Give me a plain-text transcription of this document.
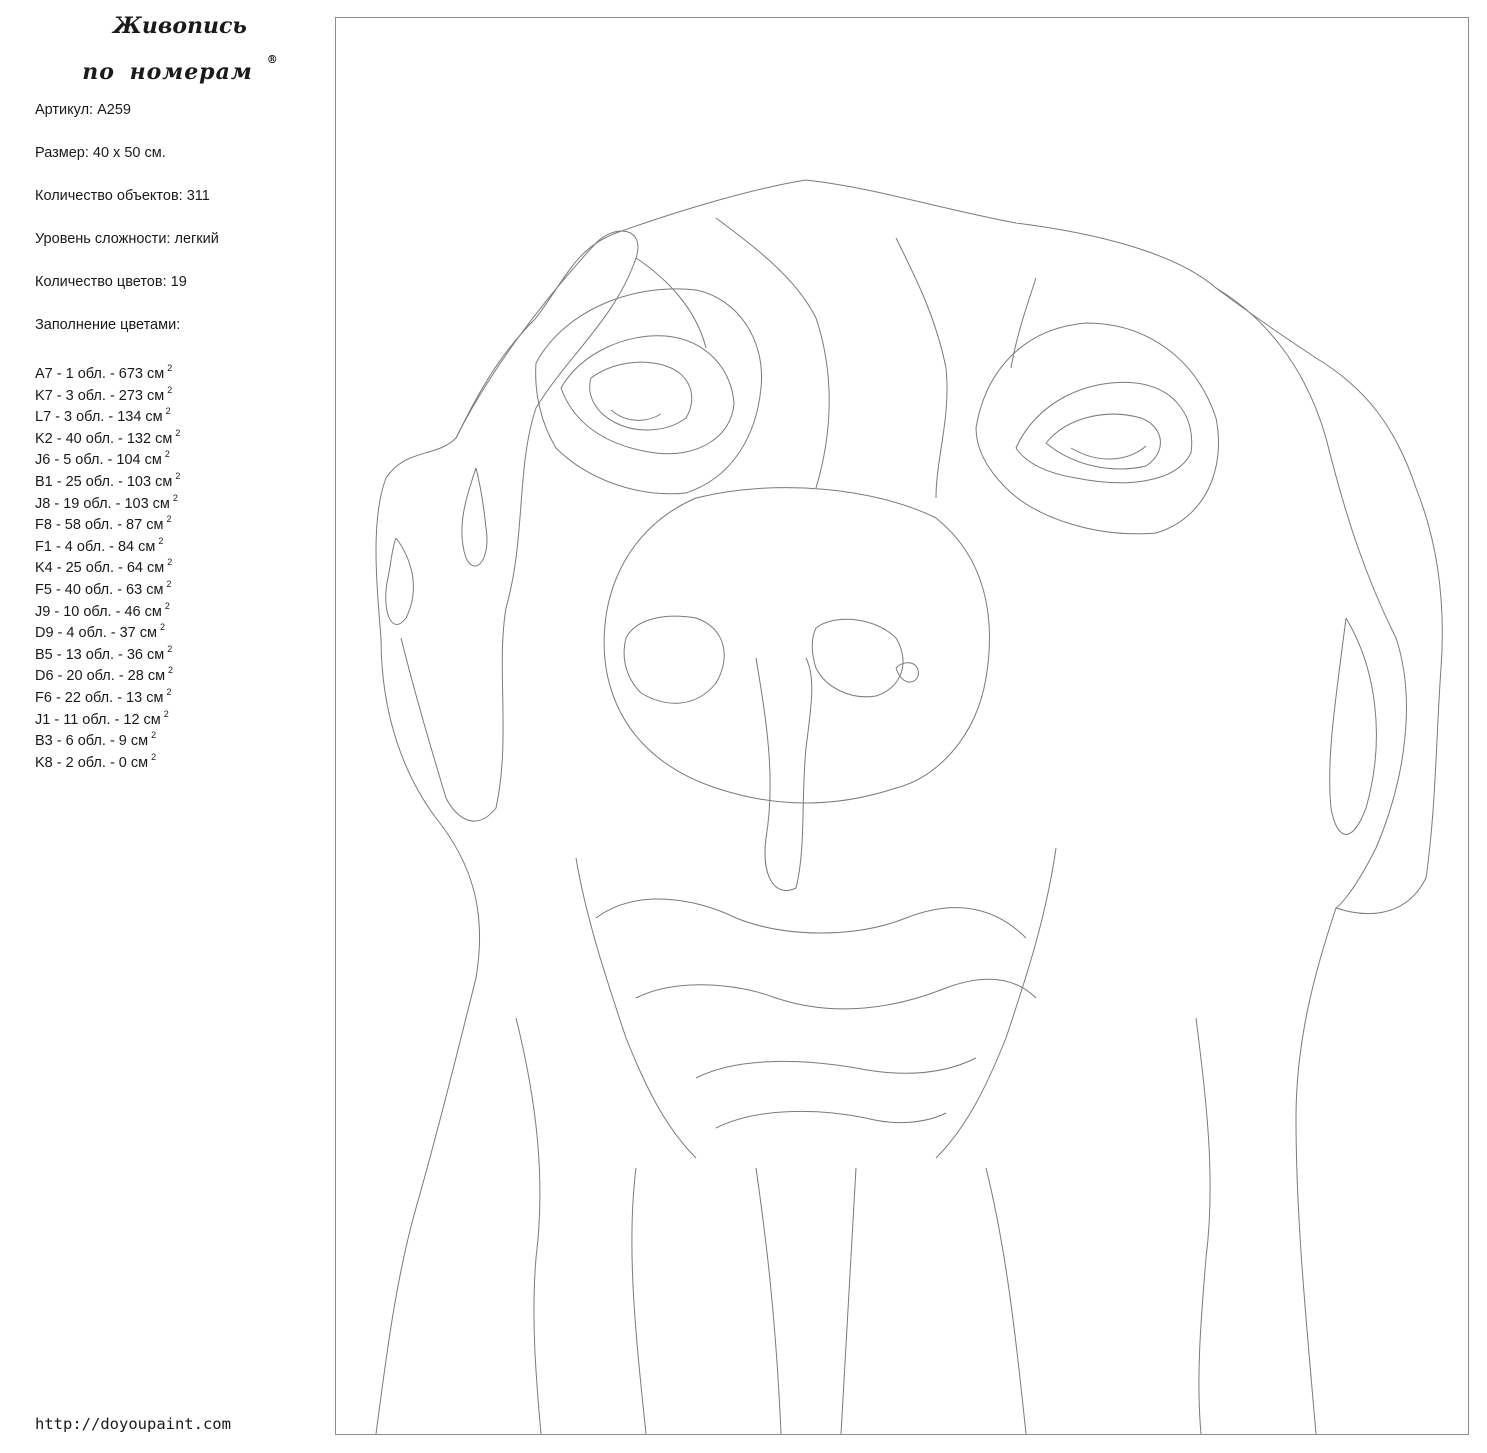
Живопись
по номерам ®
Артикул: А259
Размер: 40 х 50 см.
Количество объектов: 311
Уровень сложности: легкий
Количество цветов: 19
Заполнение цветами:
A7 - 1 обл. - 673 см $^2$
K7 - 3 обл. - 273 см $^2$
L7 - 3 обл. - 134 см $^2$
K2 - 40 обл. - 132 см $^2$
J6 - 5 обл. - 104 см $^2$
B1 - 25 обл. - 103 см $^2$
J8 - 19 обл. - 103 см $^2$
F8 - 58 обл. - 87 см $^2$
F1 - 4 обл. - 84 см $^2$
K4 - 25 обл. - 64 см $^2$
F5 - 40 обл. - 63 см $^2$
J9 - 10 обл. - 46 см $^2$
D9 - 4 обл. - 37 см $^2$
B5 - 13 обл. - 36 см $^2$
D6 - 20 обл. - 28 см $^2$
F6 - 22 обл. - 13 см $^2$
J1 - 11 обл. - 12 см $^2$
B3 - 6 обл. - 9 см $^2$
K8 - 2 обл. - 0 см $^2$
http://doyoupaint.com
